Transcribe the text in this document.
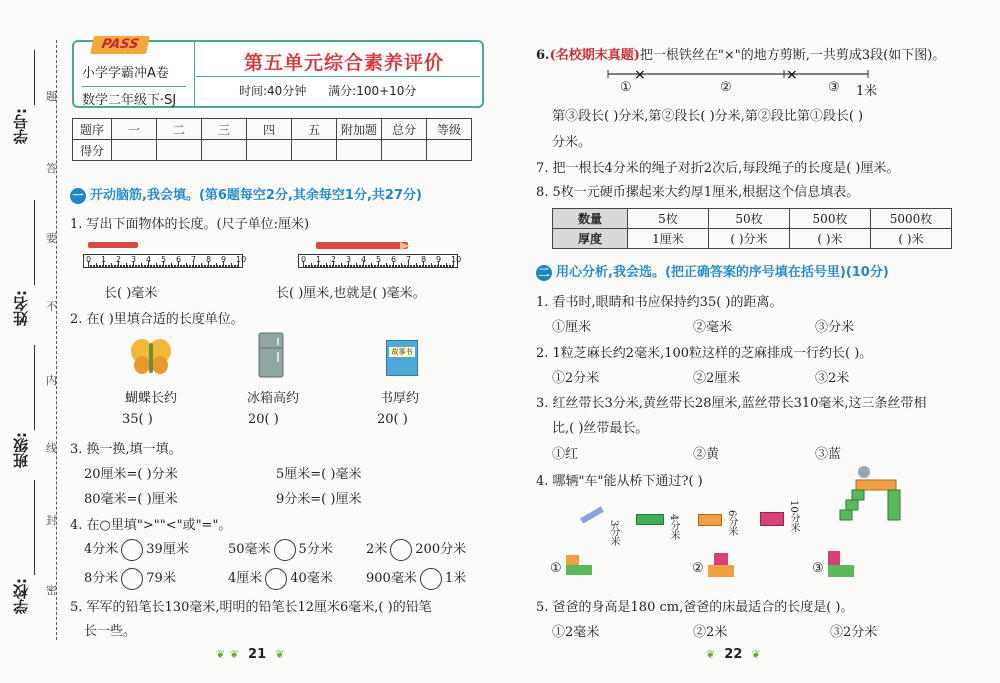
学号:
姓名:
班级:
学校:
题
答
要
不
内
线
封
密
PASS
小学学霸冲A卷
数学二年级下·SJ
第五单元综合素养评价
时间:40分钟 满分:100+10分
题序	一	二	三	四	五	附加题	总分	等级
得分								
一 开动脑筋,我会填。(第6题每空2分,其余每空1分,共27分)
1. 写出下面物体的长度。(尺子单位:厘米)
0 1 2 3 4 5 6 7 8 9 10	0 1 2 3 4 5 6 7 8 9 10
长( )毫米	长( )厘米,也就是( )毫米。
2. 在( )里填合适的长度单位。
故事书
蝴蝶长约	冰箱高约	书厚约
35( )	20( )	20( )
3. 换一换,填一填。
20厘米=( )分米	5厘米=( )毫米
80毫米=( )厘米	9分米=( )厘米
4. 在○里填">""<"或"="。
4分米 39厘米	50毫米 5分米	2米 200分米
8分米 79米	4厘米 40毫米	900毫米 1米
5. 军军的铅笔长130毫米,明明的铅笔长12厘米6毫米,( )的铅笔
长一些。
❦ ❦ 21 ❦
6.(名校期末真题)把一根铁丝在"×"的地方剪断,一共剪成3段(如下图)。
×	×
①	②	③ 1米
第③段长( )分米,第②段长( )分米,第②段比第①段长( )
分米。
7. 把一根长4分米的绳子对折2次后,每段绳子的长度是( )厘米。
8. 5枚一元硬币摞起来大约厚1厘米,根据这个信息填表。
数量	5枚	50枚	500枚	5000枚
厚度	1厘米	( )分米	( )米	( )米
二 用心分析,我会选。(把正确答案的序号填在括号里)(10分)
1. 看书时,眼睛和书应保持约35( )的距离。
①厘米	②毫米	③分米
2. 1粒芝麻长约2毫米,100粒这样的芝麻排成一行约长( )。
①2分米	②2厘米	③2米
3. 红丝带长3分米,黄丝带长28厘米,蓝丝带长310毫米,这三条丝带相
比,( )丝带最长。
①红	②黄	③蓝
4. 哪辆"车"能从桥下通过?( )
3分米	4分米	6分米	10分米
①	②	③
5. 爸爸的身高是180 cm,爸爸的床最适合的长度是( )。
①2毫米	②2米	③2分米
❦ 22 ❦
